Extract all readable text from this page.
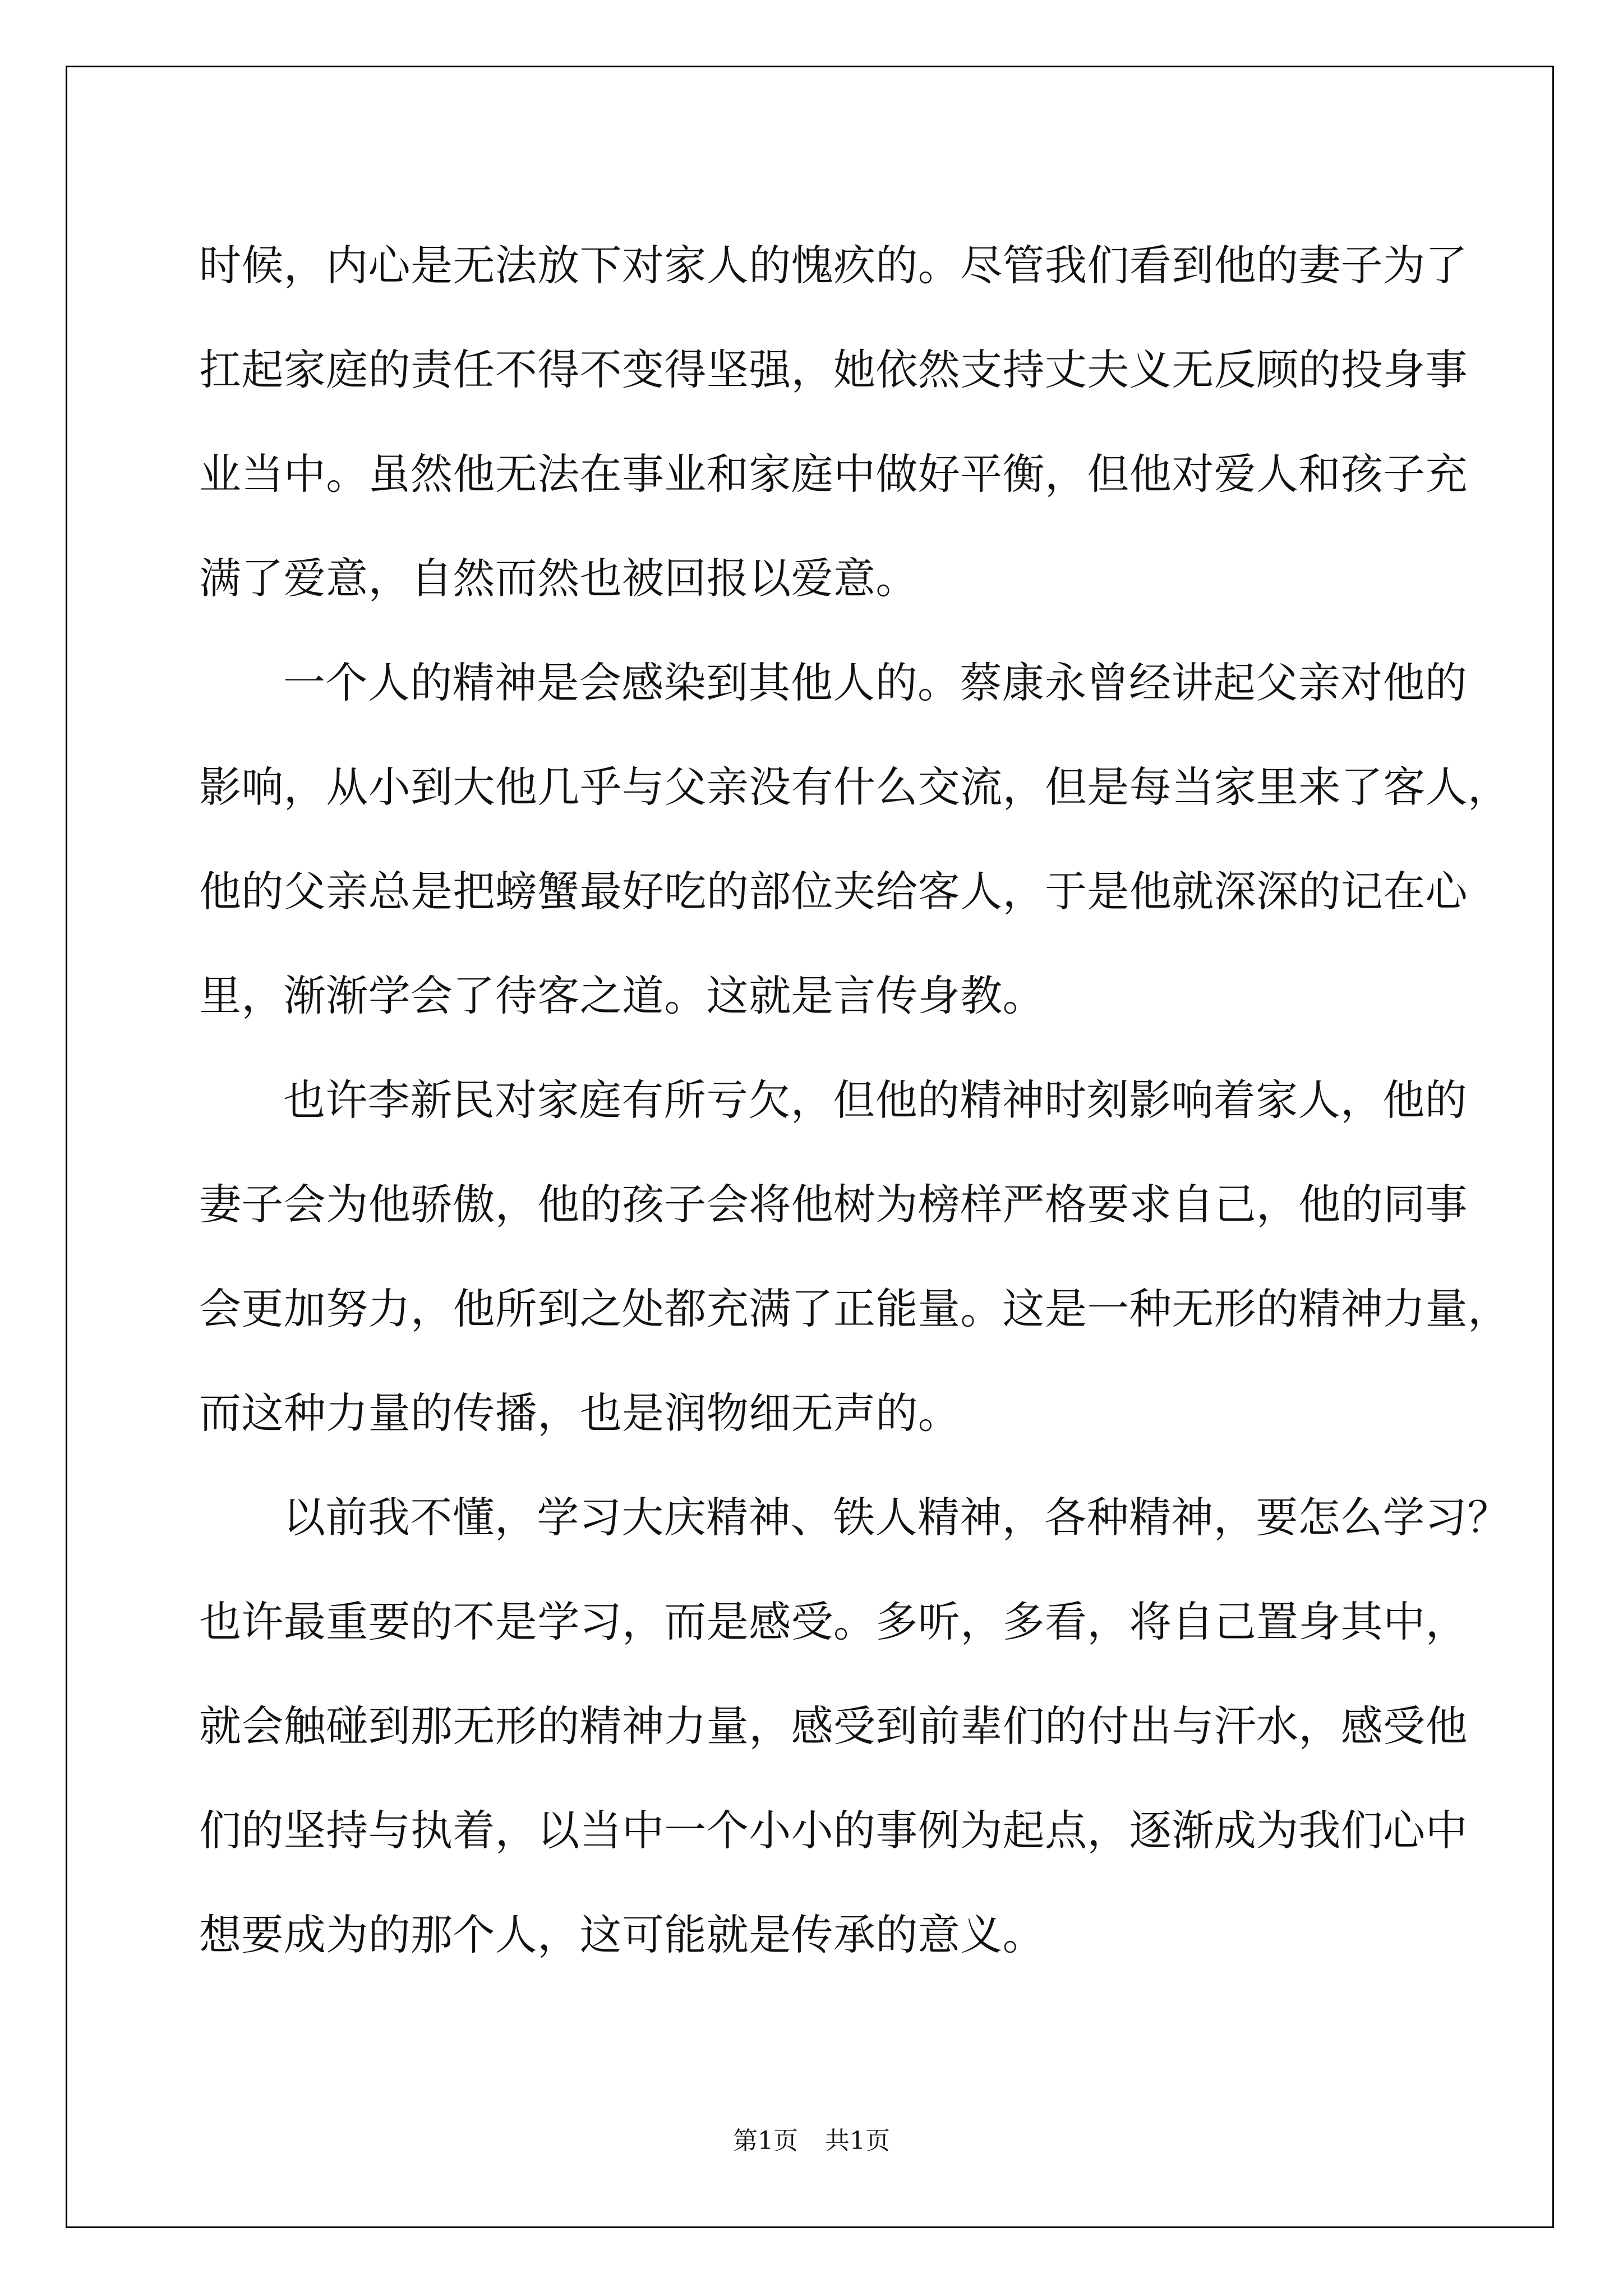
时候，内心是无法放下对家人的愧疚的。尽管我们看到他的妻子为了
扛起家庭的责任不得不变得坚强，她依然支持丈夫义无反顾的投身事
业当中。虽然他无法在事业和家庭中做好平衡，但他对爱人和孩子充
满了爱意，自然而然也被回报以爱意。

一个人的精神是会感染到其他人的。蔡康永曾经讲起父亲对他的
影响，从小到大他几乎与父亲没有什么交流，但是每当家里来了客人，
他的父亲总是把螃蟹最好吃的部位夹给客人，于是他就深深的记在心
里，渐渐学会了待客之道。这就是言传身教。

也许李新民对家庭有所亏欠，但他的精神时刻影响着家人，他的
妻子会为他骄傲，他的孩子会将他树为榜样严格要求自己，他的同事
会更加努力，他所到之处都充满了正能量。这是一种无形的精神力量，
而这种力量的传播，也是润物细无声的。

以前我不懂，学习大庆精神、铁人精神，各种精神，要怎么学习？
也许最重要的不是学习，而是感受。多听，多看，将自己置身其中，
就会触碰到那无形的精神力量，感受到前辈们的付出与汗水，感受他
们的坚持与执着，以当中一个小小的事例为起点，逐渐成为我们心中
想要成为的那个人，这可能就是传承的意义。

第1页 共1页
